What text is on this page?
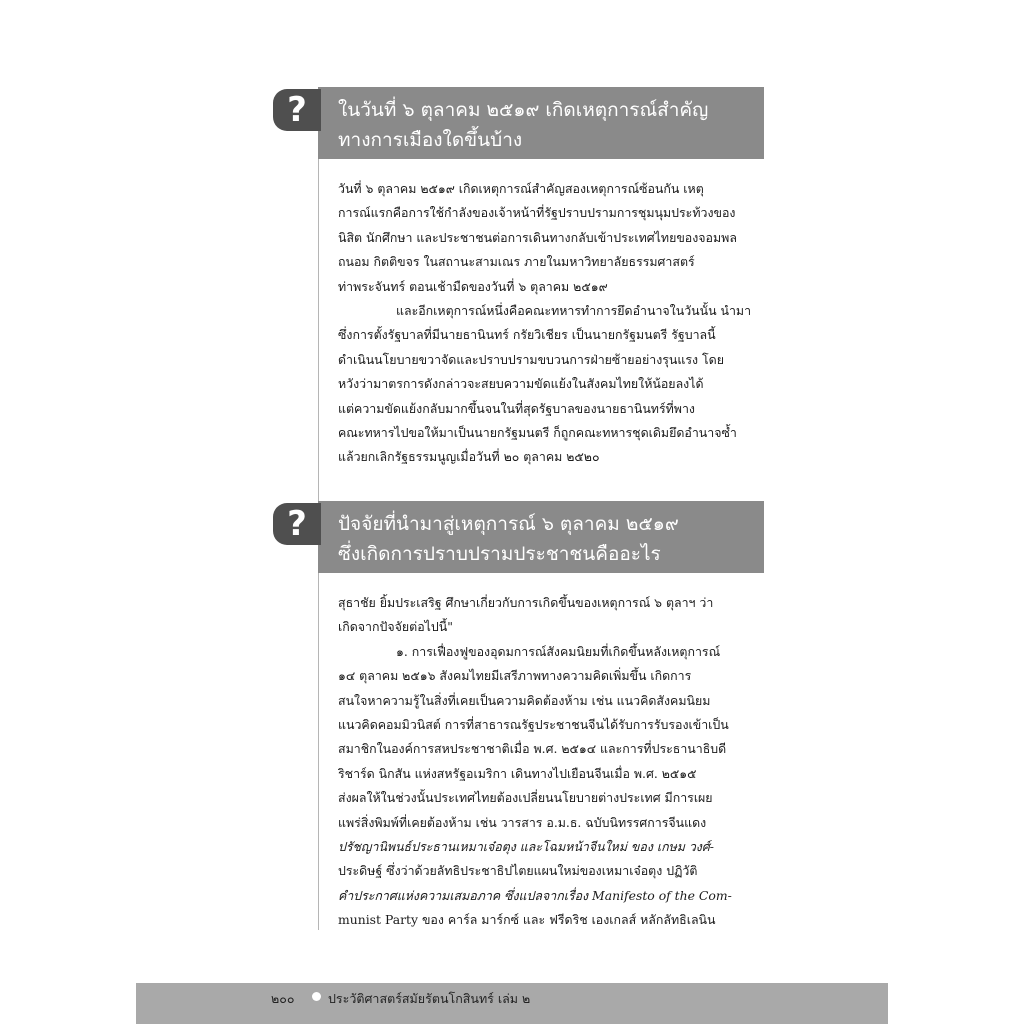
ในวันที่ ๖ ตุลาคม ๒๕๑๙ เกิดเหตุการณ์สำคัญ
ทางการเมืองใดขึ้นบ้าง
?
วันที่ ๖ ตุลาคม ๒๕๑๙ เกิดเหตุการณ์สำคัญสองเหตุการณ์ซ้อนกัน เหตุ
การณ์แรกคือการใช้กำลังของเจ้าหน้าที่รัฐปราบปรามการชุมนุมประท้วงของ
นิสิต นักศึกษา และประชาชนต่อการเดินทางกลับเข้าประเทศไทยของจอมพล
ถนอม กิตติขจร ในสถานะสามเณร ภายในมหาวิทยาลัยธรรมศาสตร์
ท่าพระจันทร์ ตอนเช้ามืดของวันที่ ๖ ตุลาคม ๒๕๑๙
และอีกเหตุการณ์หนึ่งคือคณะทหารทำการยึดอำนาจในวันนั้น นำมา
ซึ่งการตั้งรัฐบาลที่มีนายธานินทร์ กรัยวิเชียร เป็นนายกรัฐมนตรี รัฐบาลนี้
ดำเนินนโยบายขวาจัดและปราบปรามขบวนการฝ่ายซ้ายอย่างรุนแรง โดย
หวังว่ามาตรการดังกล่าวจะสยบความขัดแย้งในสังคมไทยให้น้อยลงได้
แต่ความขัดแย้งกลับมากขึ้นจนในที่สุดรัฐบาลของนายธานินทร์ที่พาง
คณะทหารไปขอให้มาเป็นนายกรัฐมนตรี ก็ถูกคณะทหารชุดเดิมยึดอำนาจซ้ำ
แล้วยกเลิกรัฐธรรมนูญเมื่อวันที่ ๒๐ ตุลาคม ๒๕๒๐
ปัจจัยที่นำมาสู่เหตุการณ์ ๖ ตุลาคม ๒๕๑๙
ซึ่งเกิดการปราบปรามประชาชนคืออะไร
?
สุธาชัย ยิ้มประเสริฐ ศึกษาเกี่ยวกับการเกิดขึ้นของเหตุการณ์ ๖ ตุลาฯ ว่า
เกิดจากปัจจัยต่อไปนี้"
๑. การเฟื่องฟูของอุดมการณ์สังคมนิยมที่เกิดขึ้นหลังเหตุการณ์
๑๔ ตุลาคม ๒๕๑๖ สังคมไทยมีเสรีภาพทางความคิดเพิ่มขึ้น เกิดการ
สนใจหาความรู้ในสิ่งที่เคยเป็นความคิดต้องห้าม เช่น แนวคิดสังคมนิยม
แนวคิดคอมมิวนิสต์ การที่สาธารณรัฐประชาชนจีนได้รับการรับรองเข้าเป็น
สมาชิกในองค์การสหประชาชาติเมื่อ พ.ศ. ๒๕๑๔ และการที่ประธานาธิบดี
ริชาร์ด นิกสัน แห่งสหรัฐอเมริกา เดินทางไปเยือนจีนเมื่อ พ.ศ. ๒๕๑๕
ส่งผลให้ในช่วงนั้นประเทศไทยต้องเปลี่ยนนโยบายต่างประเทศ มีการเผย
แพร่สิ่งพิมพ์ที่เคยต้องห้าม เช่น วารสาร อ.ม.ธ. ฉบับนิทรรศการจีนแดง
ปรัชญานิพนธ์ประธานเหมาเจ๋อตุง และโฉมหน้าจีนใหม่ ของ เกษม วงศ์-
ประดิษฐ์ ซึ่งว่าด้วยลัทธิประชาธิปไตยแผนใหม่ของเหมาเจ๋อตุง ปฏิวัติ
คำประกาศแห่งความเสมอภาค ซึ่งแปลจากเรื่อง Manifesto of the Com-
munist Party ของ คาร์ล มาร์กซ์ และ ฟรีดริช เองเกลส์ หลักลัทธิเลนิน
๒๐๐	ประวัติศาสตร์สมัยรัตนโกสินทร์ เล่ม ๒
